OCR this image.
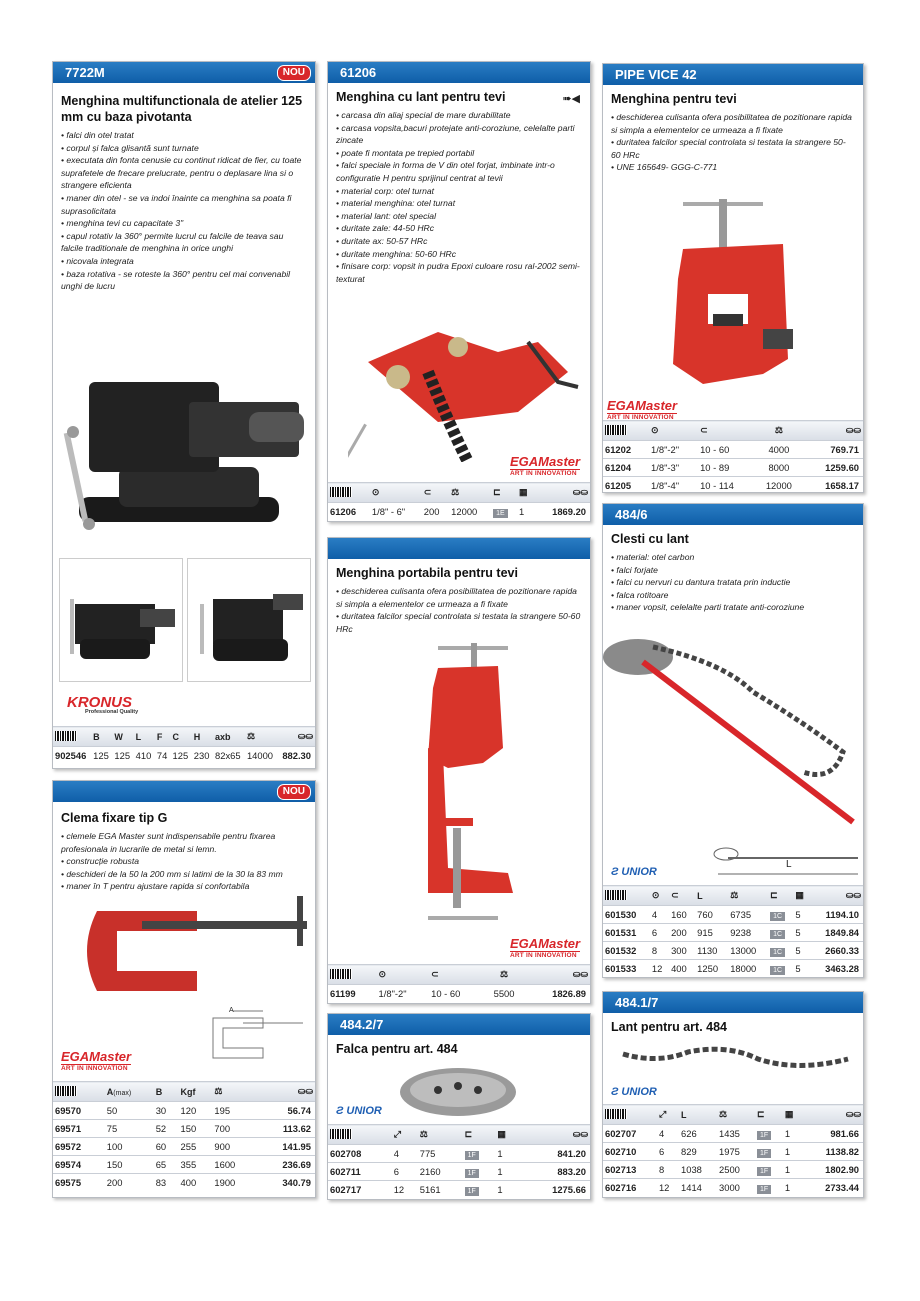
7722M	NOU
Menghina multifunctionala de atelier 125 mm cu baza pivotanta
• falci din otel tratat
• corpul și falca glisantă sunt turnate
• executata din fonta cenusie cu continut ridicat de fier, cu toate suprafetele de frecare prelucrate, pentru o deplasare lina si o strangere eficienta
• maner din otel - se va indoi înainte ca menghina sa poata fi suprasolicitata
• menghina tevi cu capacitate 3"
• capul rotativ la 360° permite lucrul cu falcile de teava sau falcile traditionale de menghina in orice unghi
• nicovala integrata
• baza rotativa - se roteste la 360° pentru cel mai convenabil unghi de lucru
KRONUS
Professional Quality
	B	W	L	F	C	H	axb	⚖	⛀⛀
902546	125	125	410	74	125	230	82x65	14000	882.30
61206
Menghina cu lant pentru tevi	➠◀
• carcasa din aliaj special de mare durabilitate
• carcasa vopsita,bacuri protejate anti-coroziune, celelalte parti zincate
• poate fi montata pe trepied portabil
• falci speciale in forma de V din otel forjat, imbinate intr-o configuratie H pentru sprijinul centrat al tevii
• material corp: otel turnat
• material menghina: otel turnat
• material lant: otel special
• duritate zale: 44-50 HRc
• duritate ax: 50-57 HRc
• duritate menghina: 50-60 HRc
• finisare corp: vopsit in pudra Epoxi culoare rosu ral-2002 semi-texturat
EGAMaster
ART IN INNOVATION
	⊙	⊂	⚖	⊏	▦	⛀⛀
61206	1/8" - 6"	200	12000	1E	1	1869.20
PIPE VICE 42
Menghina pentru tevi
• deschiderea culisanta ofera posibilitatea de pozitionare rapida si simpla a elementelor ce urmeaza a fi fixate
• duritatea falcilor special controlata si testata la strangere 50-60 HRc
• UNE 165649- GGG-C-771
EGAMaster
ART IN INNOVATION
	⊙	⊂	⚖	⛀⛀
61202	1/8"-2"	10 - 60	4000	769.71
61204	1/8"-3"	10 - 89	8000	1259.60
61205	1/8"-4"	10 - 114	12000	1658.17
Menghina portabila pentru tevi
• deschiderea culisanta ofera posibilitatea de pozitionare rapida si simpla a elementelor ce urmeaza a fi fixate
• duritatea falcilor special controlata si testata la strangere 50-60 HRc
EGAMaster
ART IN INNOVATION
	⊙	⊂	⚖	⛀⛀
61199	1/8"-2"	10 - 60	5500	1826.89
484/6
Clesti cu lant
• material: otel carbon
• falci forjate
• falci cu nervuri cu dantura tratata prin inductie
• falca rotitoare
• maner vopsit, celelalte parti tratate anti-coroziune
Ƨ UNIOR
L
	⊙	⊂	L	⚖	⊏	▦	⛀⛀
601530	4	160	760	6735	1C	5	1194.10
601531	6	200	915	9238	1C	5	1849.84
601532	8	300	1130	13000	1C	5	2660.33
601533	12	400	1250	18000	1C	5	3463.28
NOU
Clema fixare tip G
• clemele EGA Master sunt indispensabile pentru fixarea profesionala in lucrarile de metal si lemn.
• construcție robusta
• deschideri de la 50 la 200 mm si latimi de la 30 la 83 mm
• maner în T pentru ajustare rapida si confortabila
A
EGAMaster
ART IN INNOVATION
	A(max)	B	Kgf	⚖	⛀⛀
69570	50	30	120	195	56.74
69571	75	52	150	700	113.62
69572	100	60	255	900	141.95
69574	150	65	355	1600	236.69
69575	200	83	400	1900	340.79
484.2/7
Falca pentru art. 484
Ƨ UNIOR
	⤢	⚖	⊏	▦	⛀⛀
602708	4	775	1F	1	841.20
602711	6	2160	1F	1	883.20
602717	12	5161	1F	1	1275.66
484.1/7
Lant pentru art. 484
Ƨ UNIOR
	⤢	L	⚖	⊏	▦	⛀⛀
602707	4	626	1435	1F	1	981.66
602710	6	829	1975	1F	1	1138.82
602713	8	1038	2500	1F	1	1802.90
602716	12	1414	3000	1F	1	2733.44
